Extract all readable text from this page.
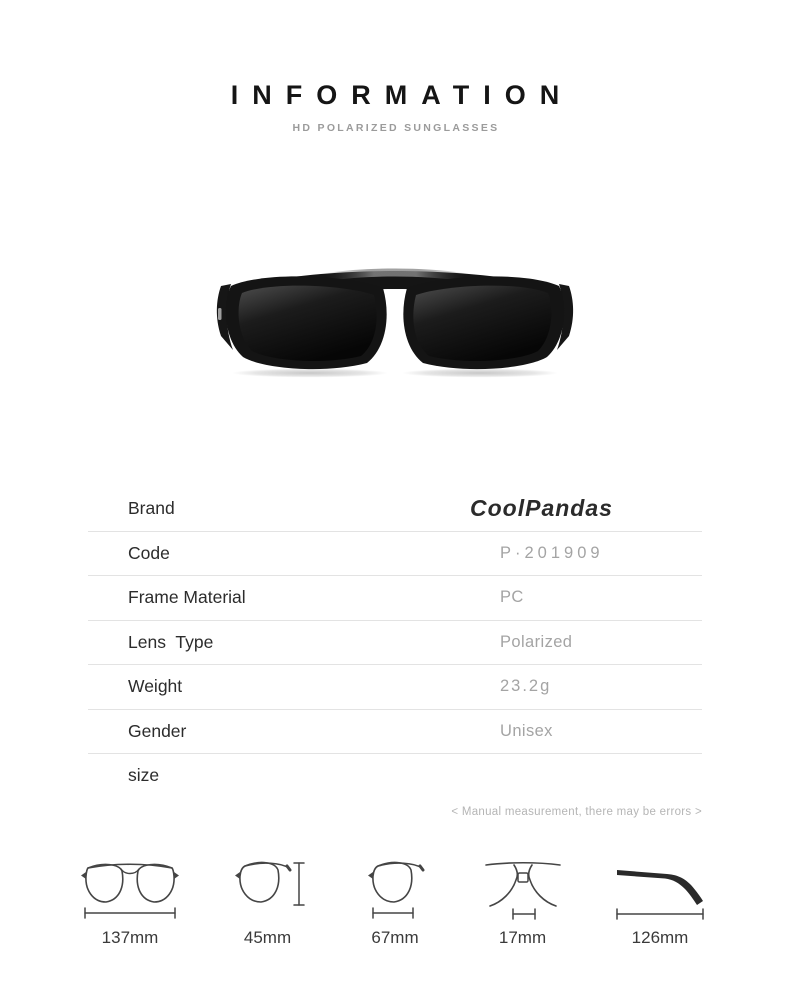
INFORMATION
HD POLARIZED SUNGLASSES
Brand	CoolPandas
Code	P·201909
Frame Material	PC
Lens  Type	Polarized
Weight	23.2g
Gender	Unisex
size
< Manual measurement, there may be errors >
137mm	45mm	67mm	17mm	126mm
